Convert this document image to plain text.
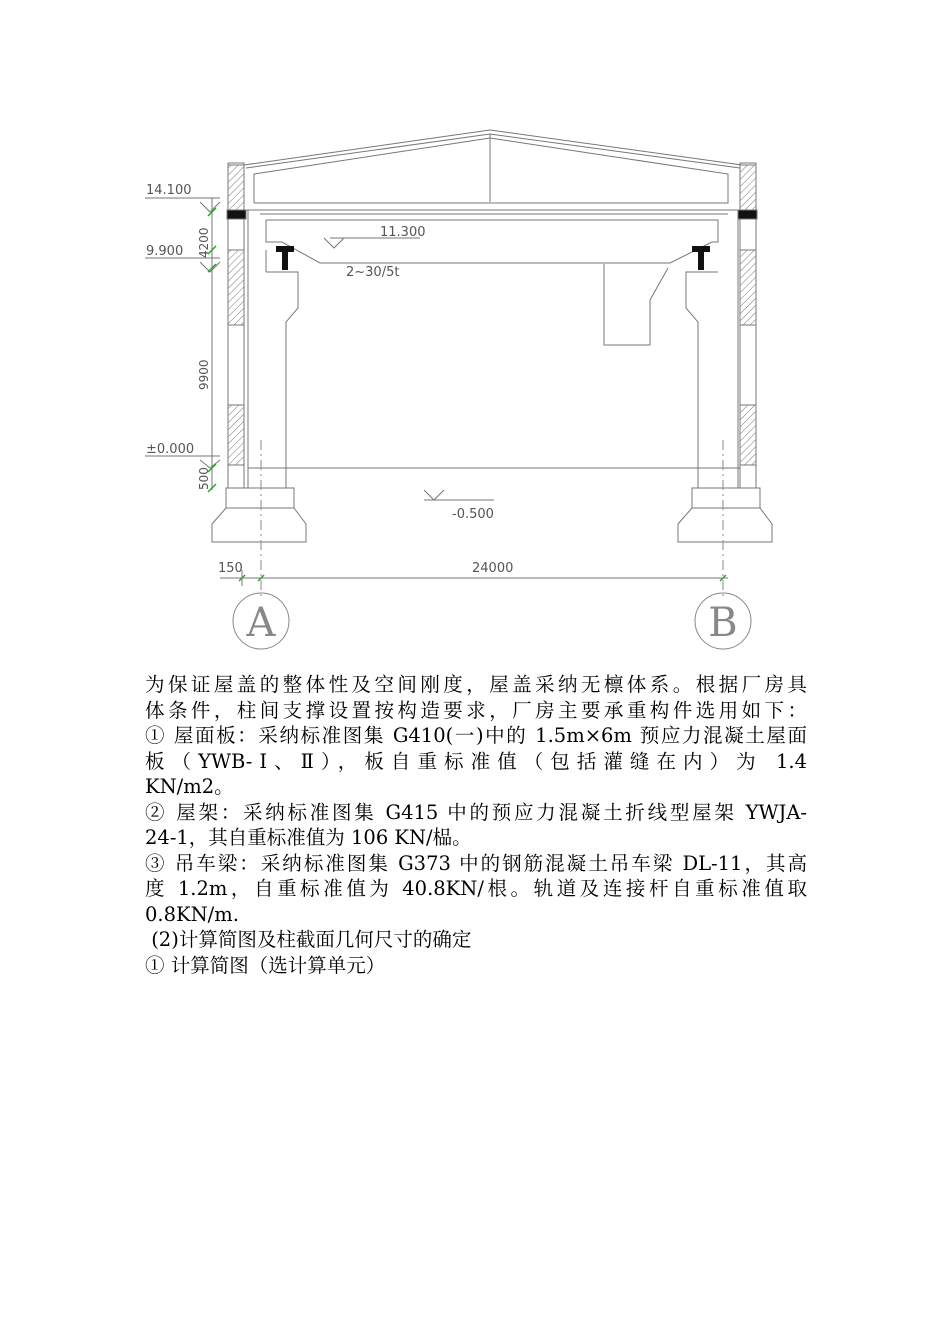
14.100
9.900
±0.000
11.300
-0.500
2~30/5t
4200
9900
500
150	24000
A	B

为保证屋盖的整体性及空间刚度，屋盖采纳无檩体系。根据厂房具

体条件，柱间支撑设置按构造要求，厂房主要承重构件选用如下：

① 屋面板：采纳标准图集 G410(一)中的 1.5m×6m 预应力混凝土屋面

板（YWB-Ⅰ、Ⅱ），板自重标准值（包括灌缝在内）为 1.4

KN/m2。

② 屋架：采纳标准图集 G415 中的预应力混凝土折线型屋架 YWJA-

24-1，其自重标准值为 106 KN/榀。

③ 吊车梁：采纳标准图集 G373 中的钢筋混凝土吊车梁 DL-11，其高

度 1.2m，自重标准值为 40.8KN/根。轨道及连接杆自重标准值取

0.8KN/m.

(2)计算简图及柱截面几何尺寸的确定

① 计算简图（选计算单元）
